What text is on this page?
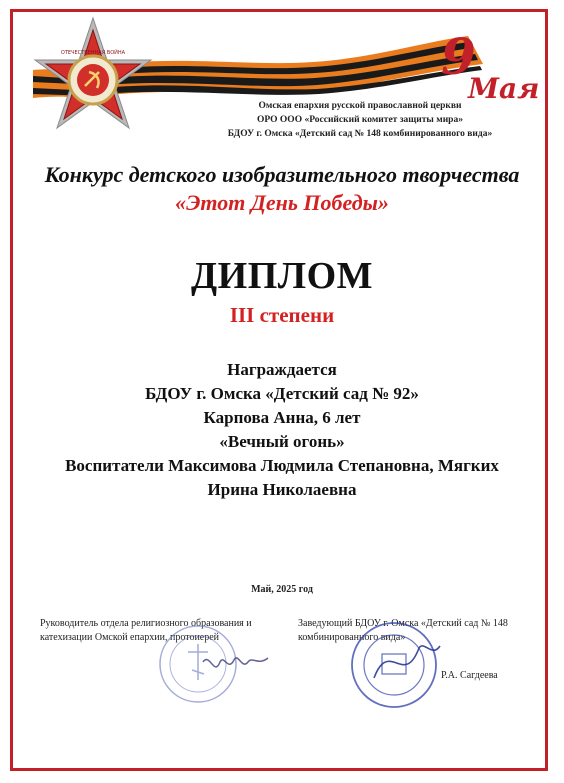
ОТЕЧЕСТВЕННАЯ ВОЙНА	9
Мая
Омская епархия русской православной церкви
ОРО ООО «Российский комитет защиты мира»
БДОУ г. Омска «Детский сад № 148 комбинированного вида»
Конкурс детского изобразительного творчества
«Этот День Победы»
ДИПЛОМ
III степени
Награждается
БДОУ г. Омска «Детский сад № 92»
Карпова Анна, 6 лет
«Вечный огонь»
Воспитатели Максимова Людмила Степановна, Мягких
Ирина Николаевна
Май, 2025 год
Руководитель отдела религиозного образования и катехизации Омской епархии, протоиерей
Заведующий БДОУ г. Омска «Детский сад № 148 комбинированного вида»
Р.А. Сагдеева
